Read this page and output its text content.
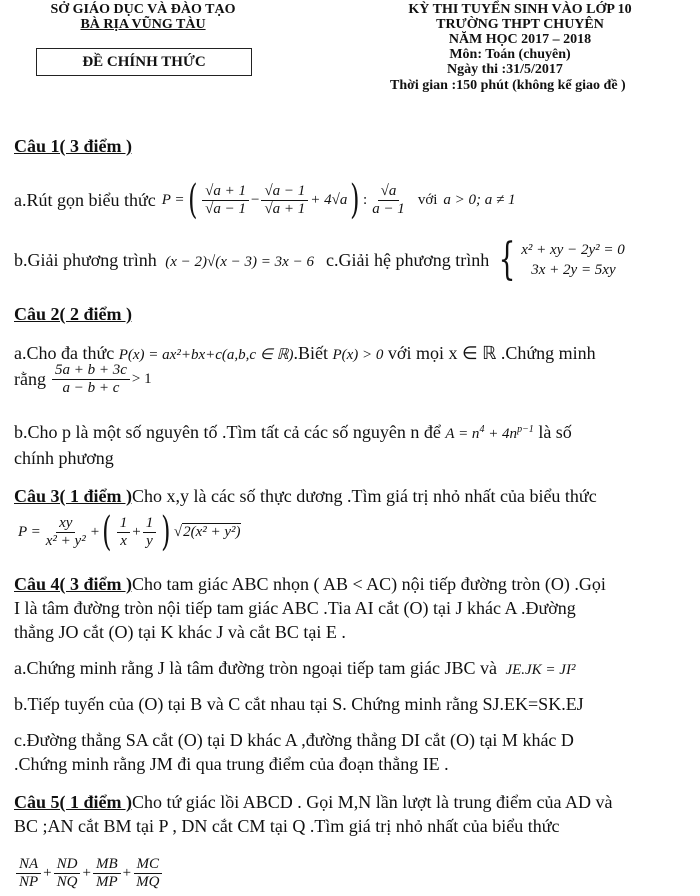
SỞ GIÁO DỤC VÀ ĐÀO TẠO
BÀ RỊA VŨNG TÀU
ĐỀ CHÍNH THỨC
KỲ THI TUYỂN SINH VÀO LỚP 10
TRƯỜNG THPT CHUYÊN
NĂM HỌC 2017 – 2018
Môn: Toán (chuyên)
Ngày thi :31/5/2017
Thời gian :150 phút (không kể giao đề )
Câu 1( 3 điểm )
a.Rút gọn biểu thức P = ( $\frac{√a + 1}{√a - 1} - \frac{√a - 1}{√a + 1} + 4√a$ ) : $\frac{√a}{a - 1}$ với a > 0; a ≠ 1
b.Giải phương trình (x − 2)√(x − 3) = 3x − 6 c.Giải hệ phương trình { x² + xy − 2y² = 0
3x + 2y = 5xy
Câu 2( 2 điểm )
a.Cho đa thức P(x) = ax²+bx+c(a,b,c ∈ ℝ).Biết P(x) > 0 với mọi x ∈ ℝ .Chứng minh
rằng $\frac{5a + b + 3c}{a - b + c} > 1$
b.Cho p là một số nguyên tố .Tìm tất cả các số nguyên n để $A = n^4 + 4n^{p-1}$ là số
chính phương
Câu 3( 1 điểm )Cho x,y là các số thực dương .Tìm giá trị nhỏ nhất của biểu thức
$P = \frac{xy}{\text{x² + y²}}$ + ( $\frac{1}{x} + \frac{1}{y}$ ) √ 2(x² + y²)
Câu 4( 3 điểm )Cho tam giác ABC nhọn ( AB < AC) nội tiếp đường tròn (O) .Gọi
I là tâm đường tròn nội tiếp tam giác ABC .Tia AI cắt (O) tại J khác A .Đường
thẳng JO cắt (O) tại K khác J và cắt BC tại E .
a.Chứng minh rằng J là tâm đường tròn ngoại tiếp tam giác JBC và JE.JK = JI²
b.Tiếp tuyến của (O) tại B và C cắt nhau tại S. Chứng minh rằng SJ.EK=SK.EJ
c.Đường thẳng SA cắt (O) tại D khác A ,đường thẳng DI cắt (O) tại M khác D
.Chứng minh rằng JM đi qua trung điểm của đoạn thẳng IE .
Câu 5( 1 điểm )Cho tứ giác lồi ABCD . Gọi M,N lần lượt là trung điểm của AD và
BC ;AN cắt BM tại P , DN cắt CM tại Q .Tìm giá trị nhỏ nhất của biểu thức
$\frac{NA}{NP} + \frac{ND}{NQ} + \frac{MB}{MP} + \frac{MC}{MQ}$
